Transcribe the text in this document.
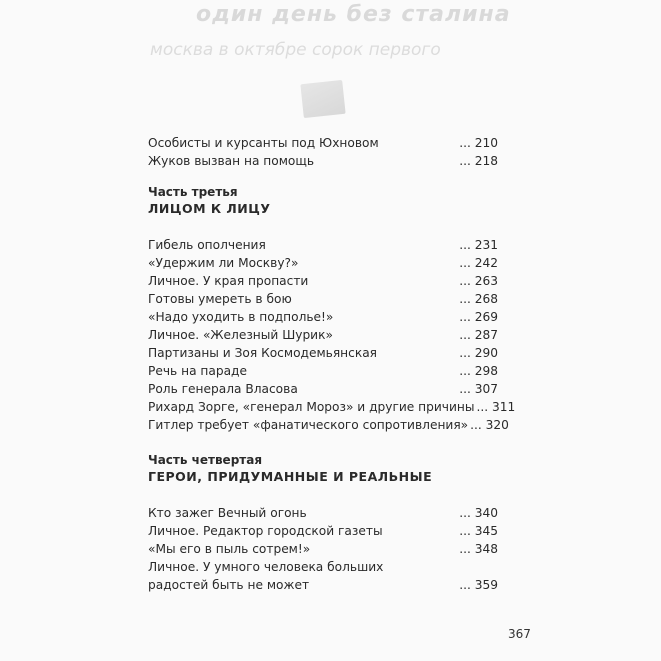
один день без сталина
москва в октябре сорок первого
Особисты и курсанты под Юхновом	... 210
Жуков вызван на помощь	... 218
Часть третья
ЛИЦОМ К ЛИЦУ
Гибель ополчения	... 231
«Удержим ли Москву?»	... 242
Личное. У края пропасти	... 263
Готовы умереть в бою	... 268
«Надо уходить в подполье!»	... 269
Личное. «Железный Шурик»	... 287
Партизаны и Зоя Космодемьянская	... 290
Речь на параде	... 298
Роль генерала Власова	... 307
Рихард Зорге, «генерал Мороз» и другие причины ... 311
Гитлер требует «фанатического сопротивления» ... 320
Часть четвертая
ГЕРОИ, ПРИДУМАННЫЕ И РЕАЛЬНЫЕ
Кто зажег Вечный огонь	... 340
Личное. Редактор городской газеты	... 345
«Мы его в пыль сотрем!»	... 348
Личное. У умного человека больших
радостей быть не может	... 359
367
